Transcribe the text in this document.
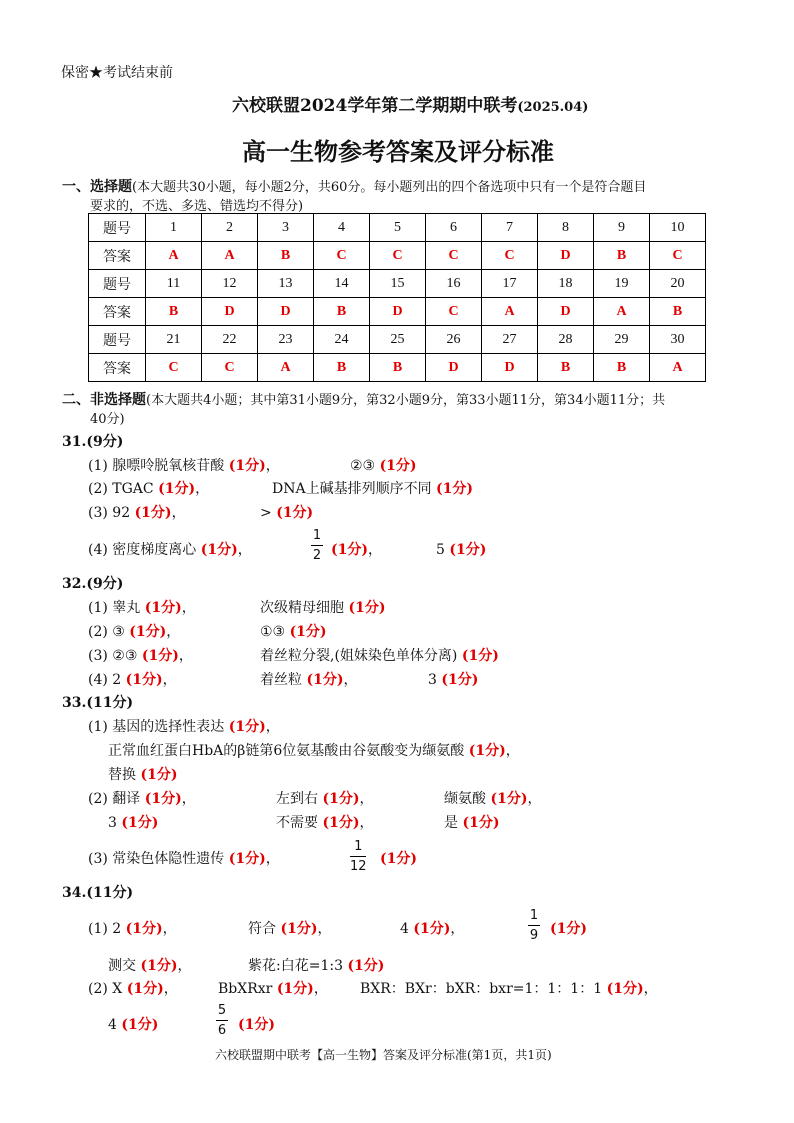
保密★考试结束前
六校联盟2024学年第二学期期中联考(2025.04)
高一生物参考答案及评分标准
一、选择题(本大题共30小题，每小题2分，共60分。每小题列出的四个备选项中只有一个是符合题目
要求的，不选、多选、错选均不得分)
题号	1	2	3	4	5	6	7	8	9	10
答案	A	A	B	C	C	C	C	D	B	C
题号	11	12	13	14	15	16	17	18	19	20
答案	B	D	D	B	D	C	A	D	A	B
题号	21	22	23	24	25	26	27	28	29	30
答案	C	C	A	B	B	D	D	B	B	A
二、非选择题(本大题共4小题；其中第31小题9分，第32小题9分，第33小题11分，第34小题11分；共
40分)
31.(9分)
(1) 腺嘌呤脱氧核苷酸 (1分)，	②③ (1分)
(2) TGAC (1分)，	DNA上碱基排列顺序不同 (1分)
(3) 92 (1分)，	> (1分)
(4) 密度梯度离心 (1分)，
1
2 (1分)，	5 (1分)
32.(9分)
(1) 睾丸 (1分)，	次级精母细胞 (1分)
(2) ③ (1分)，	①③ (1分)
(3) ②③ (1分)，	着丝粒分裂,(姐妹染色单体分离) (1分)
(4) 2 (1分)，	着丝粒 (1分)，	3 (1分)
33.(11分)
(1) 基因的选择性表达 (1分)，
正常血红蛋白HbA的β链第6位氨基酸由谷氨酸变为缬氨酸 (1分)，
替换 (1分)
(2) 翻译 (1分)，	左到右 (1分)，	缬氨酸 (1分)，
3 (1分)	不需要 (1分)，	是 (1分)
(3) 常染色体隐性遗传 (1分)，
1
12 (1分)
34.(11分)
(1) 2 (1分)，	符合 (1分)，	4 (1分)，
1
9 (1分)
测交 (1分)，	紫花:白花=1:3 (1分)
(2) X (1分)，	BbXRxr (1分)， BXR：BXr：bXR：bxr=1：1：1：1 (1分)，
4 (1分)
5
6 (1分)
六校联盟期中联考【高一生物】答案及评分标准(第1页，共1页)
